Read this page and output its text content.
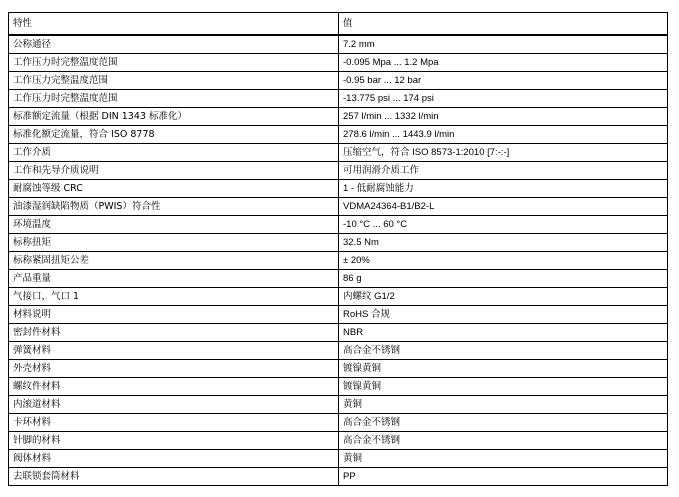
特性	值
公称通径	7.2 mm
工作压力时完整温度范围	-0.095 Mpa ... 1.2 Mpa
工作压力完整温度范围	-0.95 bar ... 12 bar
工作压力时完整温度范围	-13.775 psi ... 174 psi
标准额定流量（根据 DIN 1343 标准化）	257 l/min ... 1332 l/min
标准化额定流量，符合 ISO 8778	278.6 l/min ... 1443.9 l/min
工作介质	压缩空气，符合 ISO 8573-1:2010 [7:-:-]
工作和先导介质说明	可用润滑介质工作
耐腐蚀等级 CRC	1 - 低耐腐蚀能力
油漆湿润缺陷物质（PWIS）符合性	VDMA24364-B1/B2-L
环境温度	-10 °C ... 60 °C
标称扭矩	32.5 Nm
标称紧固扭矩公差	± 20%
产品重量	86 g
气接口，气口 1	内螺纹 G1/2
材料说明	RoHS 合规
密封件材料	NBR
弹簧材料	高合金不锈钢
外壳材料	镀镍黄铜
螺纹件材料	镀镍黄铜
内滚道材料	黄铜
卡环材料	高合金不锈钢
针脚的材料	高合金不锈钢
阀体材料	黄铜
去联锁套筒材料	PP
